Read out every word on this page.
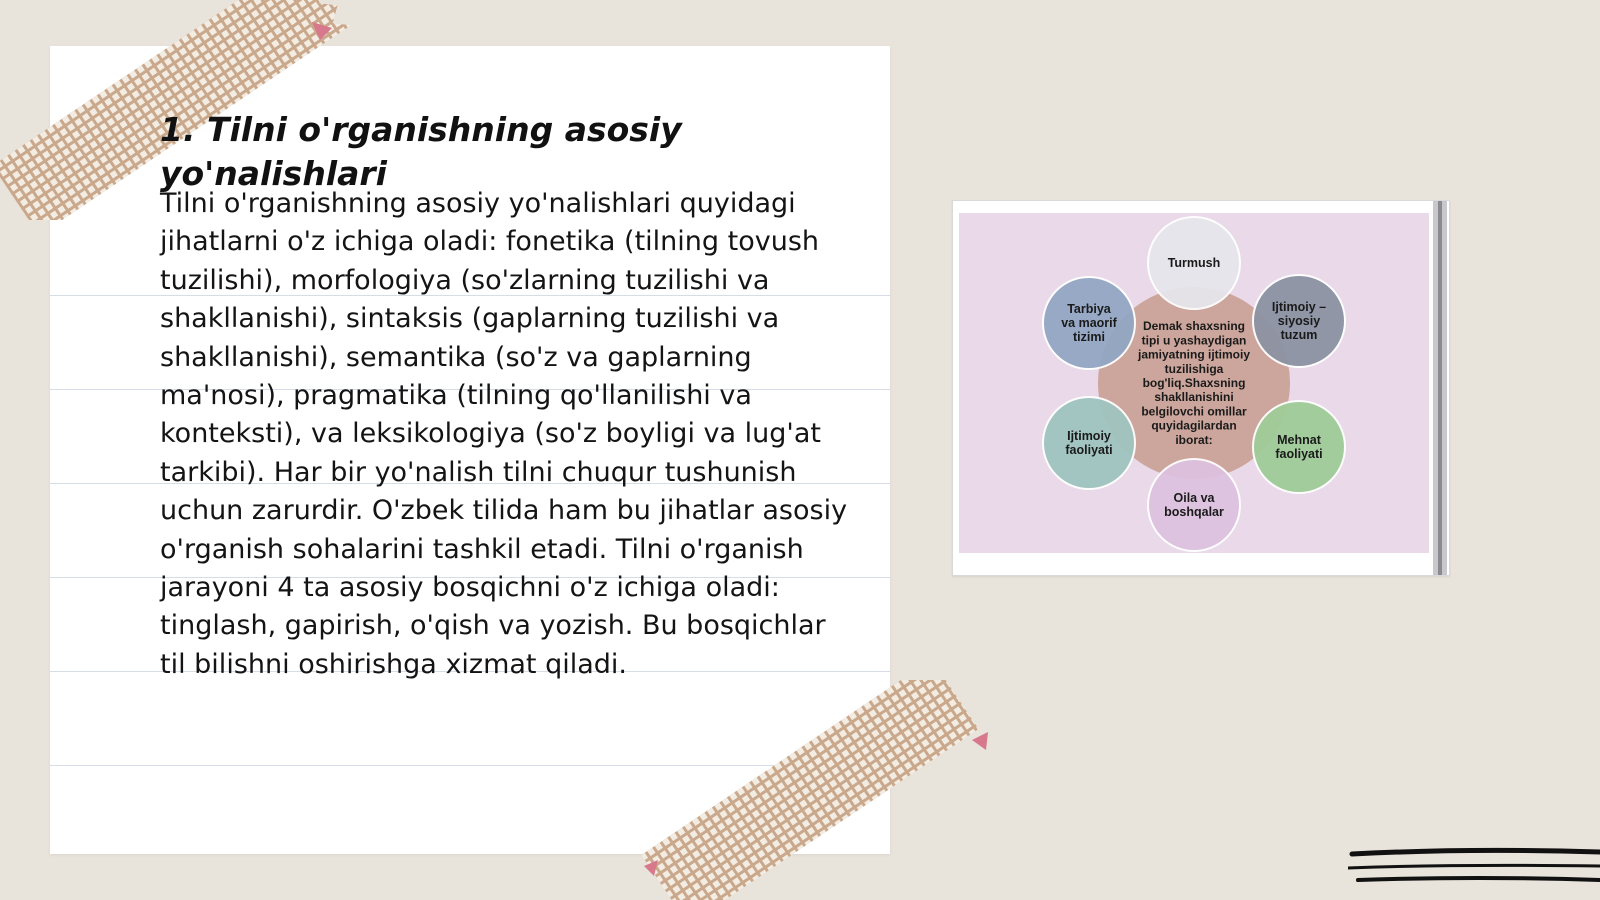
1. Tilni o'rganishning asosiy yo'nalishlari

Tilni o'rganishning asosiy yo'nalishlari quyidagi jihatlarni o'z ichiga oladi: fonetika (tilning tovush tuzilishi), morfologiya (so'zlarning tuzilishi va shakllanishi), sintaksis (gaplarning tuzilishi va shakllanishi), semantika (so'z va gaplarning ma'nosi), pragmatika (tilning qo'llanilishi va konteksti), va leksikologiya (so'z boyligi va lug'at tarkibi). Har bir yo'nalish tilni chuqur tushunish uchun zarurdir. O'zbek tilida ham bu jihatlar asosiy o'rganish sohalarini tashkil etadi. Tilni o'rganish jarayoni 4 ta asosiy bosqichni o'z ichiga oladi: tinglash, gapirish, o'qish va yozish. Bu bosqichlar til bilishni oshirishga xizmat qiladi.

Turmush
Ijtimoiy –
siyosiy
tuzum
Mehnat
faoliyati
Oila va
boshqalar
Ijtimoiy
faoliyati
Tarbiya
va maorif
tizimi
Demak shaxsning
tipi u yashaydigan
jamiyatning ijtimoiy
tuzilishiga
bog'liq.Shaxsning
shakllanishini
belgilovchi omillar
quyidagilardan
iborat:
